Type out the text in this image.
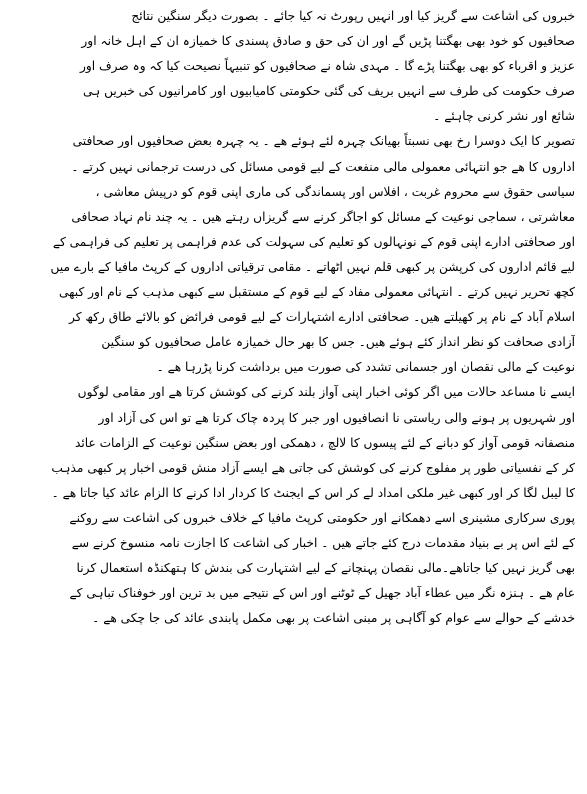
خبروں کی اشاعت سے گریز کیا اور انہیں رپورٹ نہ کیا جائے ۔ بصورت دیگر سنگین نتائج
صحافیوں کو خود بھی بھگتنا پڑیں گے اور ان کی حق و صادق پسندی کا خمیازہ ان کے اہل خانہ اور
عزیز و اقرباء کو بھی بھگتنا پڑے گا ۔ مہدی شاہ نے صحافیوں کو تنبیہاً نصیحت کیا کہ وہ صرف اور
صرف حکومت کی طرف سے انہیں بریف کی گئی حکومتی کامیابیوں اور کامرانیوں کی خبریں ہی
شائع اور نشر کرنی چاہئے ۔
تصویر کا ایک دوسرا رخ بھی نسبتاً بھیانک چہرہ لئے ہوئے ھے ۔ یہ چہرہ بعض صحافیوں اور صحافتی
اداروں کا ھے جو انتہائی معمولی مالی منفعت کے لیے قومی مسائل کی درست ترجمانی نہیں کرتے ۔
سیاسی حقوق سے محروم غربت ، افلاس اور پسماندگی کی ماری اپنی قوم کو درپیش معاشی ،
معاشرتی ، سماجی نوعیت کے مسائل کو اجاگر کرنے سے گریزاں رہتے ھیں ۔ یہ چند نام نہاد صحافی
اور صحافتی ادارے اپنی قوم کے نونہالوں کو تعلیم کی سہولت کی عدم فراہمی پر تعلیم کی فراہمی کے
لیے قائم اداروں کی کرپشن پر کبھی قلم نہیں اٹھاتے ۔ مقامی ترقیاتی اداروں کے کرپٹ مافیا کے بارے میں
کچھ تحریر نہیں کرتے ۔ انتہائی معمولی مفاد کے لیے قوم کے مستقبل سے کبھی مذہب کے نام اور کبھی
اسلام آباد کے نام پر کھیلتے ھیں۔ صحافتی ادارے اشتہارات کے لیے قومی فرائض کو بالائے طاق رکھ کر
آزادی صحافت کو نظر انداز کئے ہوئے ھیں۔ جس کا بھر حال خمیازہ عامل صحافیوں کو سنگین
نوعیت کے مالی نقصان اور جسمانی تشدد کی صورت میں برداشت کرنا پڑرہا ھے ۔
ایسے نا مساعد حالات میں اگر کوئی اخبار اپنی آواز بلند کرنے کی کوشش کرتا ھے اور مقامی لوگوں
اور شہریوں پر ہونے والی ریاستی نا انصافیوں اور جبر کا پردہ چاک کرتا ھے تو اس کی آزاد اور
منصفانہ قومی آواز کو دبانے کے لئے پیسوں کا لالچ ، دھمکی اور بعض سنگین نوعیت کے الزامات عائد
کر کے نفسیاتی طور پر مفلوج کرنے کی کوشش کی جاتی ھے ایسے آزاد منش قومی اخبار پر کبھی مذہب
کا لیبل لگا کر اور کبھی غیر ملکی امداد لے کر اس کے ایجنٹ کا کردار ادا کرنے کا الزام عائد کیا جاتا ھے ۔
پوری سرکاری مشینری اسے دھمکانے اور حکومتی کرپٹ مافیا کے خلاف خبروں کی اشاعت سے روکنے
کے لئے اس پر بے بنیاد مقدمات درج کئے جاتے ھیں ۔ اخبار کی اشاعت کا اجازت نامہ منسوخ کرنے سے
بھی گریز نہیں کیا جاتاھے۔مالی نقصان پہنچانے کے لیے اشتہارت کی بندش کا ہتھکنڈہ استعمال کرنا
عام ھے ۔ ہنزہ نگر میں عطاء آباد جھیل کے ٹوٹنے اور اس کے نتیجے میں بد ترین اور خوفناک تباہی کے
خدشے کے حوالے سے عوام کو آگاہی پر مبنی اشاعت پر بھی مکمل پابندی عائد کی جا چکی ھے ۔
